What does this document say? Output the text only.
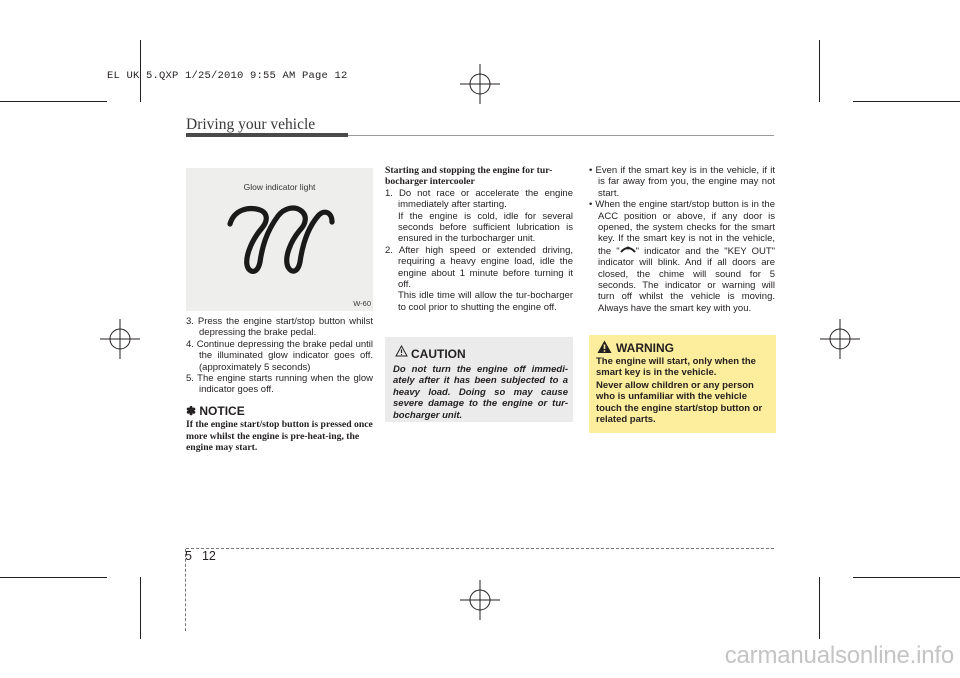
EL UK 5.QXP 1/25/2010 9:55 AM Page 12
Driving your vehicle
Glow indicator light
W-60

3. Press the engine start/stop button whilst depressing the brake pedal.

4. Continue depressing the brake pedal until the illuminated glow indicator goes off. (approximately 5 seconds)

5. The engine starts running when the glow indicator goes off.

✽ NOTICE
If the engine start/stop button is pressed once more whilst the engine is pre-heat-ing, the engine may start.
Starting and stopping the engine for tur-bocharger intercooler

1. Do not race or accelerate the engine immediately after starting.

If the engine is cold, idle for several seconds before sufficient lubrication is ensured in the turbocharger unit.

2. After high speed or extended driving, requiring a heavy engine load, idle the engine about 1 minute before turning it off.

This idle time will allow the tur-bocharger to cool prior to shutting the engine off.

CAUTION
Do not turn the engine off immedi-ately after it has been subjected to a heavy load. Doing so may cause severe damage to the engine or tur-bocharger unit.

• Even if the smart key is in the vehicle, if it is far away from you, the engine may not start.

• When the engine start/stop button is in the ACC position or above, if any door is opened, the system checks for the smart key. If the smart key is not in the vehicle, the " " indicator and the "KEY OUT" indicator will blink. And if all doors are closed, the chime will sound for 5 seconds. The indicator or warning will turn off whilst the vehicle is moving. Always have the smart key with you.

WARNING
The engine will start, only when the smart key is in the vehicle.
Never allow children or any person who is unfamiliar with the vehicle touch the engine start/stop button or related parts.
5 12
carmanualsonline.info
